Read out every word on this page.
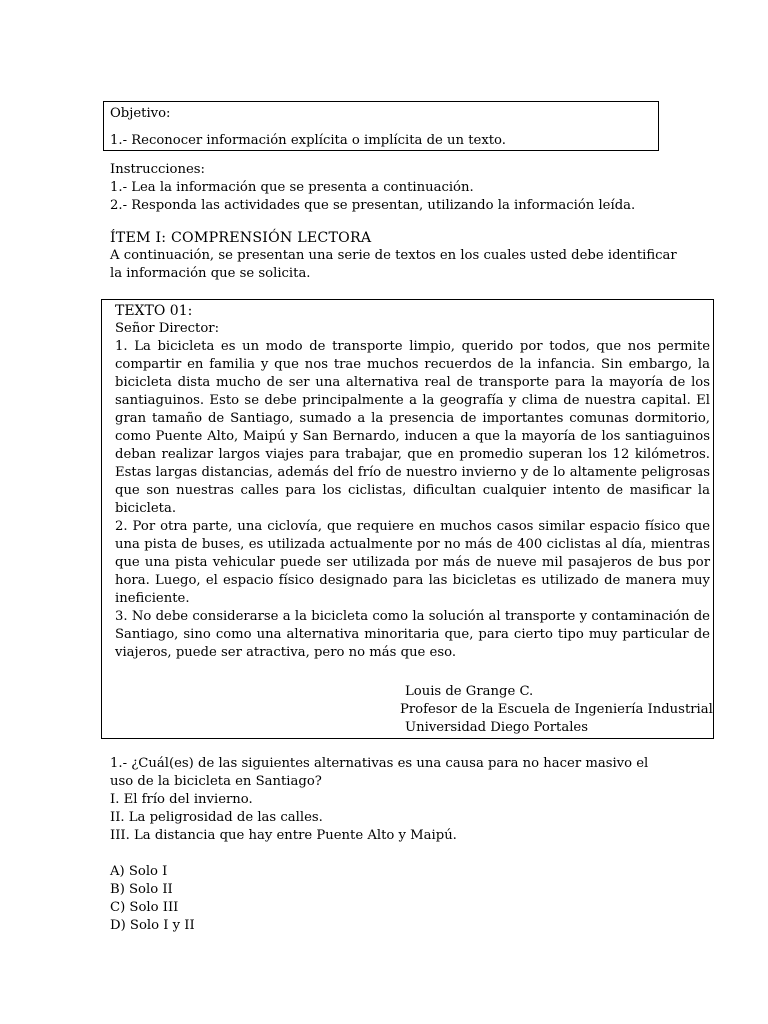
Objetivo:
1.- Reconocer información explícita o implícita de un texto.
Instrucciones:
1.- Lea la información que se presenta a continuación.
2.- Responda las actividades que se presentan, utilizando la información leída.
ÍTEM I: COMPRENSIÓN LECTORA
A continuación, se presentan una serie de textos en los cuales usted debe identificar
la información que se solicita.
TEXTO 01:
Señor Director:
1. La bicicleta es un modo de transporte limpio, querido por todos, que nos permite
compartir en familia y que nos trae muchos recuerdos de la infancia. Sin embargo, la
bicicleta dista mucho de ser una alternativa real de transporte para la mayoría de los
santiaguinos. Esto se debe principalmente a la geografía y clima de nuestra capital. El
gran tamaño de Santiago, sumado a la presencia de importantes comunas dormitorio,
como Puente Alto, Maipú y San Bernardo, inducen a que la mayoría de los santiaguinos
deban realizar largos viajes para trabajar, que en promedio superan los 12 kilómetros.
Estas largas distancias, además del frío de nuestro invierno y de lo altamente peligrosas
que son nuestras calles para los ciclistas, dificultan cualquier intento de masificar la
bicicleta.
2. Por otra parte, una ciclovía, que requiere en muchos casos similar espacio físico que
una pista de buses, es utilizada actualmente por no más de 400 ciclistas al día, mientras
que una pista vehicular puede ser utilizada por más de nueve mil pasajeros de bus por
hora. Luego, el espacio físico designado para las bicicletas es utilizado de manera muy
ineficiente.
3. No debe considerarse a la bicicleta como la solución al transporte y contaminación de
Santiago, sino como una alternativa minoritaria que, para cierto tipo muy particular de
viajeros, puede ser atractiva, pero no más que eso.
Louis de Grange C.
Profesor de la Escuela de Ingeniería Industrial
Universidad Diego Portales
1.- ¿Cuál(es) de las siguientes alternativas es una causa para no hacer masivo el
uso de la bicicleta en Santiago?
I. El frío del invierno.
II. La peligrosidad de las calles.
III. La distancia que hay entre Puente Alto y Maipú.
A) Solo I
B) Solo II
C) Solo III
D) Solo I y II
